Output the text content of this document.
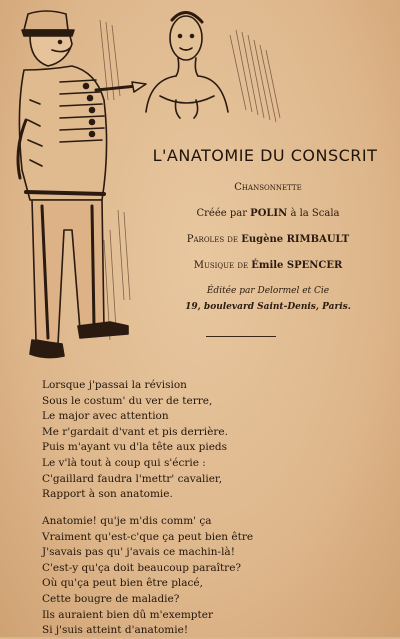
L'ANATOMIE DU CONSCRIT
Chansonnette
Créée par POLIN à la Scala
Paroles de Eugène RIMBAULT
Musique de Émile SPENCER
Éditée par Delormel et Cie
19, boulevard Saint-Denis, Paris.
Lorsque j'passai la révision
Sous le costum' du ver de terre,
Le major avec attention
Me r'gardait d'vant et pis derrière.
Puis m'ayant vu d'la tête aux pieds
Le v'là tout à coup qui s'écrie :
C'gaillard faudra l'mettr' cavalier,
Rapport à son anatomie.
Anatomie! qu'je m'dis comm' ça
Vraiment qu'est-c'que ça peut bien être
J'savais pas qu' j'avais ce machin-là!
C'est-y qu'ça doit beaucoup paraître?
Où qu'ça peut bien être placé,
Cette bougre de maladie?
Ils auraient bien dû m'exempter
Si j'suis atteint d'anatomie!
